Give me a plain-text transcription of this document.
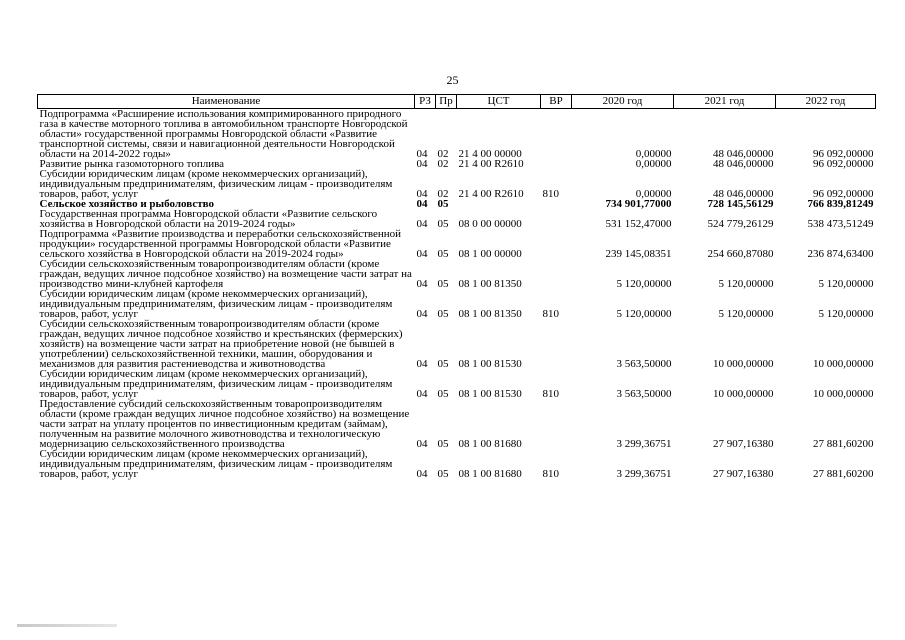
25
Наименование	РЗ	Пр	ЦСТ	ВР	2020 год	2021 год	2022 год
Подпрограмма «Расширение использования компримированного природного газа в качестве моторного топлива в автомобильном транспорте Новгородской области» государственной программы Новгородской области «Развитие транспортной системы, связи и навигационной деятельности Новгородской области на 2014-2022 годы»	04	02	21 4 00 00000		0,00000	48 046,00000	96 092,00000
Развитие рынка газомоторного топлива	04	02	21 4 00 R2610		0,00000	48 046,00000	96 092,00000
Субсидии юридическим лицам (кроме некоммерческих организаций), индивидуальным предпринимателям, физическим лицам - производителям товаров, работ, услуг	04	02	21 4 00 R2610	810	0,00000	48 046,00000	96 092,00000
Сельское хозяйство и рыболовство	04	05			734 901,77000	728 145,56129	766 839,81249
Государственная программа Новгородской области «Развитие сельского хозяйства в Новгородской области на 2019-2024 годы»	04	05	08 0 00 00000		531 152,47000	524 779,26129	538 473,51249
Подпрограмма «Развитие производства и переработки сельскохозяйственной продукции» государственной программы Новгородской области «Развитие сельского хозяйства в Новгородской области на 2019-2024 годы»	04	05	08 1 00 00000		239 145,08351	254 660,87080	236 874,63400
Субсидии сельскохозяйственным товаропроизводителям области (кроме граждан, ведущих личное подсобное хозяйство) на возмещение части затрат на производство мини-клубней картофеля	04	05	08 1 00 81350		5 120,00000	5 120,00000	5 120,00000
Субсидии юридическим лицам (кроме некоммерческих организаций), индивидуальным предпринимателям, физическим лицам - производителям товаров, работ, услуг	04	05	08 1 00 81350	810	5 120,00000	5 120,00000	5 120,00000
Субсидии сельскохозяйственным товаропроизводителям области (кроме граждан, ведущих личное подсобное хозяйство и крестьянских (фермерских) хозяйств) на возмещение части затрат на приобретение новой (не бывшей в употреблении) сельскохозяйственной техники, машин, оборудования и механизмов для развития растениеводства и животноводства	04	05	08 1 00 81530		3 563,50000	10 000,00000	10 000,00000
Субсидии юридическим лицам (кроме некоммерческих организаций), индивидуальным предпринимателям, физическим лицам - производителям товаров, работ, услуг	04	05	08 1 00 81530	810	3 563,50000	10 000,00000	10 000,00000
Предоставление субсидий сельскохозяйственным товаропроизводителям области (кроме граждан ведущих личное подсобное хозяйство) на возмещение части затрат на уплату процентов по инвестиционным кредитам (займам), полученным на развитие молочного животноводства и технологическую модернизацию сельскохозяйственного производства	04	05	08 1 00 81680		3 299,36751	27 907,16380	27 881,60200
Субсидии юридическим лицам (кроме некоммерческих организаций), индивидуальным предпринимателям, физическим лицам - производителям товаров, работ, услуг	04	05	08 1 00 81680	810	3 299,36751	27 907,16380	27 881,60200
